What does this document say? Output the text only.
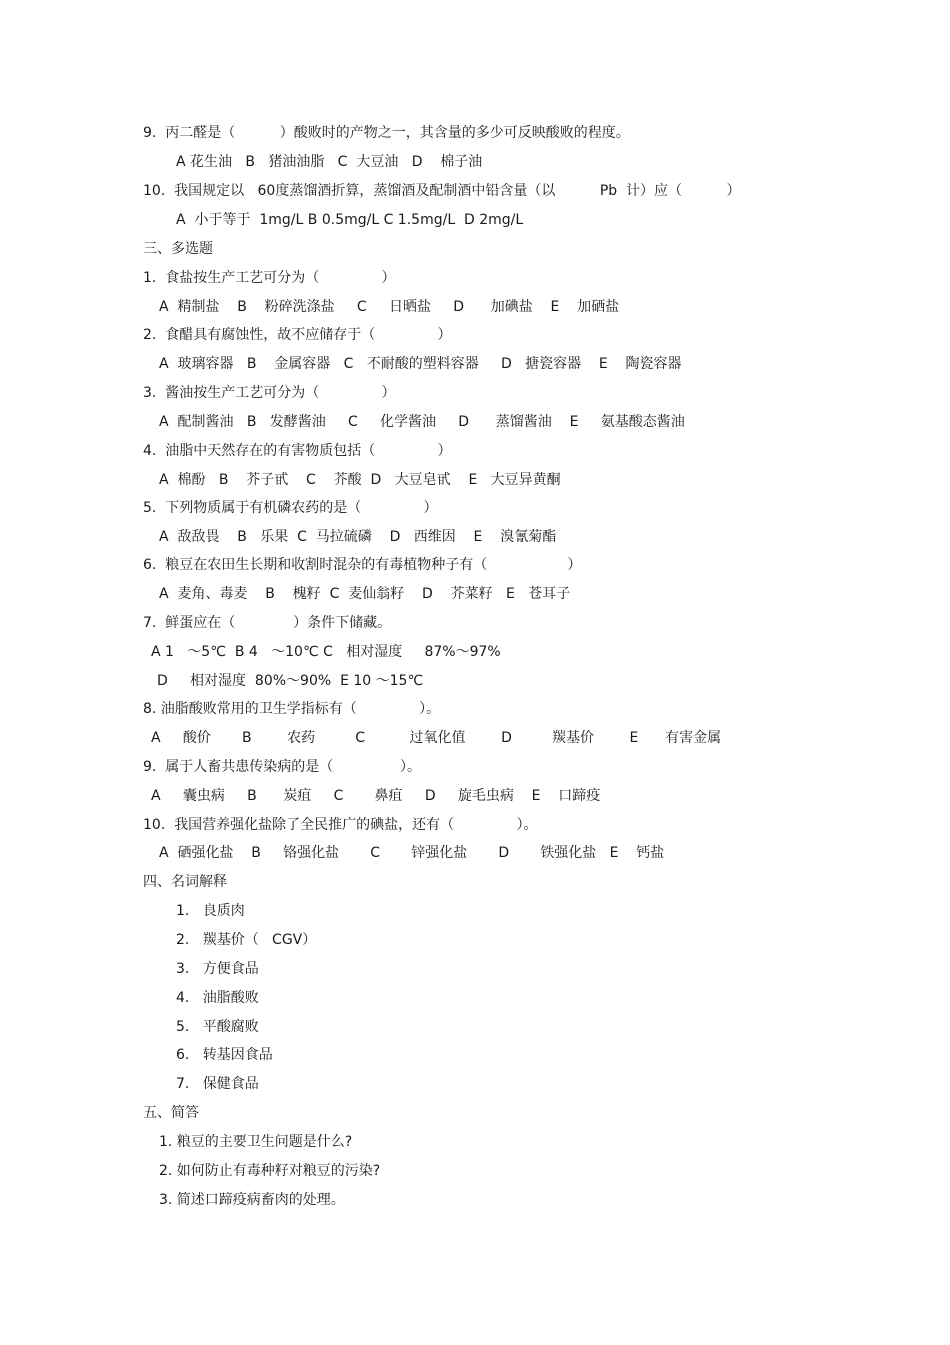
9.  丙二醛是（          ）酸败时的产物之一，其含量的多少可反映酸败的程度。
A 花生油   B   猪油油脂   C  大豆油   D    棉子油
10.  我国规定以   60度蒸馏酒折算，蒸馏酒及配制酒中铅含量（以          Pb  计）应（          ）
A  小于等于  1mg/L B 0.5mg/L C 1.5mg/L  D 2mg/L
三、多选题
1.  食盐按生产工艺可分为（              ）
A  精制盐    B    粉碎洗涤盐     C     日晒盐     D      加碘盐    E    加硒盐
2.  食醋具有腐蚀性，故不应储存于（              ）
A  玻璃容器   B    金属容器   C   不耐酸的塑料容器     D   搪瓷容器    E    陶瓷容器
3.  酱油按生产工艺可分为（              ）
A  配制酱油   B   发酵酱油     C     化学酱油     D      蒸馏酱油    E     氨基酸态酱油
4.  油脂中天然存在的有害物质包括（              ）
A  棉酚   B    芥子甙    C    芥酸  D   大豆皂甙    E   大豆异黄酮
5.  下列物质属于有机磷农药的是（              ）
A  敌敌畏    B   乐果  C  马拉硫磷    D   西维因    E    溴氰菊酯
6.  粮豆在农田生长期和收割时混杂的有毒植物种子有（                  ）
A  麦角、毒麦    B    槐籽  C  麦仙翁籽    D    芥菜籽   E   苍耳子
7.  鲜蛋应在（             ）条件下储藏。
A 1   ～5℃  B 4   ～10℃ C   相对湿度     87%～97%
D     相对湿度  80%～90%  E 10 ～15℃
8. 油脂酸败常用的卫生学指标有（              ）。
A     酸价       B        农药         C          过氧化值        D         羰基价        E      有害金属
9.  属于人畜共患传染病的是（               ）。
A     囊虫病     B      炭疽     C       鼻疽     D     旋毛虫病    E    口蹄疫
10.  我国营养强化盐除了全民推广的碘盐，还有（              ）。
A  硒强化盐    B     铬强化盐       C       锌强化盐       D       铁强化盐   E    钙盐
四、名词解释
1.   良质肉
2.   羰基价（   CGV）
3.   方便食品
4.   油脂酸败
5.   平酸腐败
6.   转基因食品
7.   保健食品
五、简答
1. 粮豆的主要卫生问题是什么?
2. 如何防止有毒种籽对粮豆的污染?
3. 简述口蹄疫病畜肉的处理。
